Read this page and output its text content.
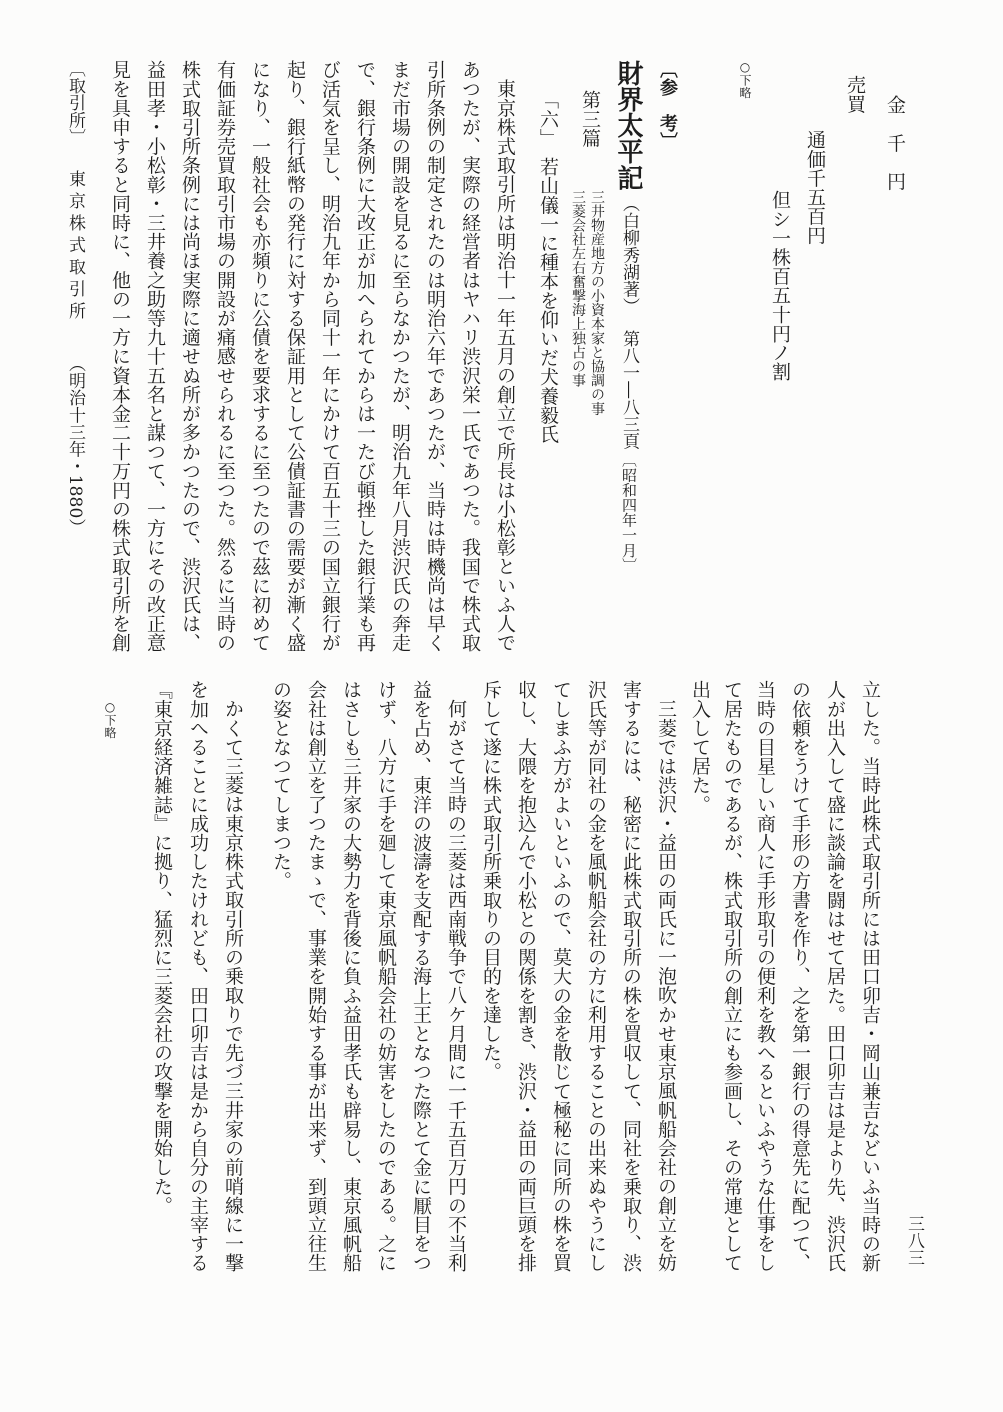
金　千　円
売買
通価千五百円
但シ一株百五十円ノ割
○下略
〔参　考〕
財界太平記
（白柳秀湖著）
第八一―八三頁
〔昭和四年一月〕
第三篇
三井物産地方の小資本家と協調の事
三菱会社左右奮撃海上独占の事
「六」　若山儀一に種本を仰いだ犬養毅氏
東京株式取引所は明治十一年五月の創立で所長は小松彰といふ人で
あつたが、実際の経営者はヤハリ渋沢栄一氏であつた。我国で株式取
引所条例の制定されたのは明治六年であつたが、当時は時機尚は早く
まだ市場の開設を見るに至らなかつたが、明治九年八月渋沢氏の奔走
で、銀行条例に大改正が加へられてからは一たび頓挫した銀行業も再
び活気を呈し、明治九年から同十一年にかけて百五十三の国立銀行が
起り、銀行紙幣の発行に対する保証用として公債証書の需要が漸く盛
になり、一般社会も亦頻りに公債を要求するに至つたので茲に初めて
有価証券売買取引市場の開設が痛感せられるに至つた。然るに当時の
株式取引所条例には尚ほ実際に適せぬ所が多かつたので、渋沢氏は、
益田孝・小松彰・三井養之助等九十五名と謀つて、一方にその改正意
見を具申すると同時に、他の一方に資本金二十万円の株式取引所を創
〔取引所〕
東京株式取引所
（明治十三年・1880）
立した。当時此株式取引所には田口卯吉・岡山兼吉などいふ当時の新
人が出入して盛に談論を闘はせて居た。田口卯吉は是より先、渋沢氏
の依頼をうけて手形の方書を作り、之を第一銀行の得意先に配つて、
当時の目星しい商人に手形取引の便利を教へるといふやうな仕事をし
て居たものであるが、株式取引所の創立にも参画し、その常連として
出入して居た。
三菱では渋沢・益田の両氏に一泡吹かせ東京風帆船会社の創立を妨
害するには、秘密に此株式取引所の株を買収して、同社を乗取り、渋
沢氏等が同社の金を風帆船会社の方に利用することの出来ぬやうにし
てしまふ方がよいといふので、莫大の金を散じて極秘に同所の株を買
収し、大隈を抱込んで小松との関係を割き、渋沢・益田の両巨頭を排
斥して遂に株式取引所乗取りの目的を達した。
何がさて当時の三菱は西南戦争で八ケ月間に一千五百万円の不当利
益を占め、東洋の波濤を支配する海上王となつた際とて金に厭目をつ
けず、八方に手を廻して東京風帆船会社の妨害をしたのである。之に
はさしも三井家の大勢力を背後に負ふ益田孝氏も辟易し、東京風帆船
会社は創立を了つたまゝで、事業を開始する事が出来ず、到頭立往生
の姿となつてしまつた。
かくて三菱は東京株式取引所の乗取りで先づ三井家の前哨線に一撃
を加へることに成功したけれども、田口卯吉は是から自分の主宰する
『東京経済雑誌』に拠り、猛烈に三菱会社の攻撃を開始した。
○下略
三八三
